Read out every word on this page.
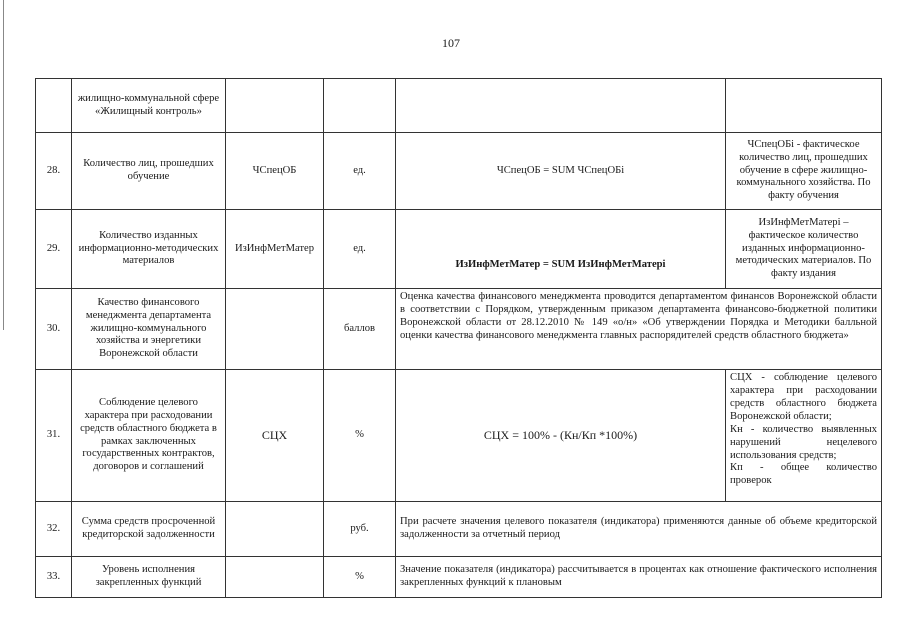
107
	жилищно-коммунальной сфере «Жилищный контроль»				
28.	Количество лиц, прошедших обучение	ЧСпецОБ	ед.	ЧСпецОБ = SUM ЧСпецОБi	ЧСпецОБi - фактическое количество лиц, прошедших обучение в сфере жилищно-коммунального хозяйства. По факту обучения
29.	Количество изданных информационно-методических материалов	ИзИнфМетМатер	ед.	ИзИнфМетМатер = SUM ИзИнфМетМатерi	ИзИнфМетМатерi – фактическое количество изданных информационно-методических материалов. По факту издания
30.	Качество финансового менеджмента департамента жилищно-коммунального хозяйства и энергетики Воронежской области		баллов	Оценка качества финансового менеджмента проводится департаментом финансов Воронежской области в соответствии с Порядком, утвержденным приказом департамента финансово-бюджетной политики Воронежской области от 28.12.2010 № 149 «о/н» «Об утверждении Порядка и Методики балльной оценки качества финансового менеджмента главных распорядителей средств областного бюджета»	
31.	Соблюдение целевого характера при расходовании средств областного бюджета в рамках заключенных государственных контрактов, договоров и соглашений	СЦХ	%	СЦХ = 100% - (Кн/Кп *100%)	СЦХ - соблюдение целевого характера при расходовании средств областного бюджета Воронежской области;
Кн - количество выявленных нарушений нецелевого использования средств;
Кп - общее количество проверок

32.	Сумма средств просроченной кредиторской задолженности		руб.	При расчете значения целевого показателя (индикатора) применяются данные об объеме кредиторской задолженности за отчетный период	
33.	Уровень исполнения закрепленных функций		%	Значение показателя (индикатора) рассчитывается в процентах как отношение фактического исполнения закрепленных функций к плановым	
